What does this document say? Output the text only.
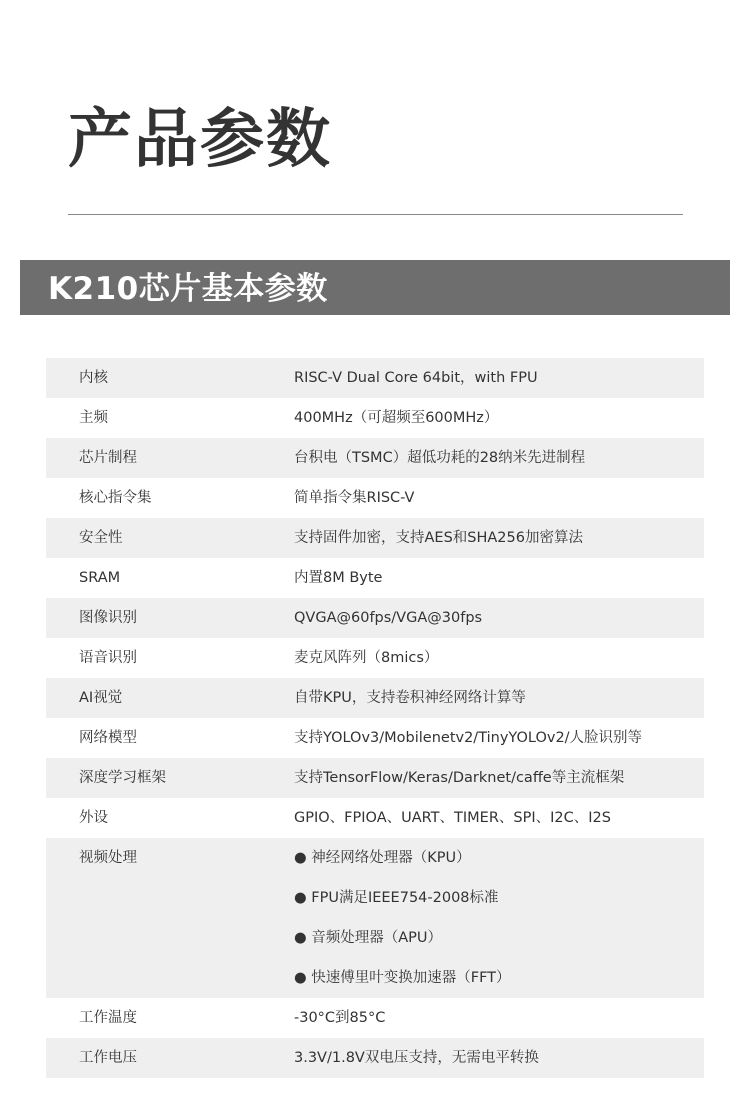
产品参数
K210芯片基本参数
内核	RISC-V Dual Core 64bit，with FPU
主频	400MHz（可超频至600MHz）
芯片制程	台积电（TSMC）超低功耗的28纳米先进制程
核心指令集	简单指令集RISC-V
安全性	支持固件加密，支持AES和SHA256加密算法
SRAM	内置8M Byte
图像识别	QVGA@60fps/VGA@30fps
语音识别	麦克风阵列（8mics）
AI视觉	自带KPU，支持卷积神经网络计算等
网络模型	支持YOLOv3/Mobilenetv2/TinyYOLOv2/人脸识别等
深度学习框架	支持TensorFlow/Keras/Darknet/caffe等主流框架
外设	GPIO、FPIOA、UART、TIMER、SPI、I2C、I2S
视频处理	● 神经网络处理器（KPU）
● FPU满足IEEE754-2008标准
● 音频处理器（APU）
● 快速傅里叶变换加速器（FFT）
工作温度	-30°C到85°C
工作电压	3.3V/1.8V双电压支持，无需电平转换
